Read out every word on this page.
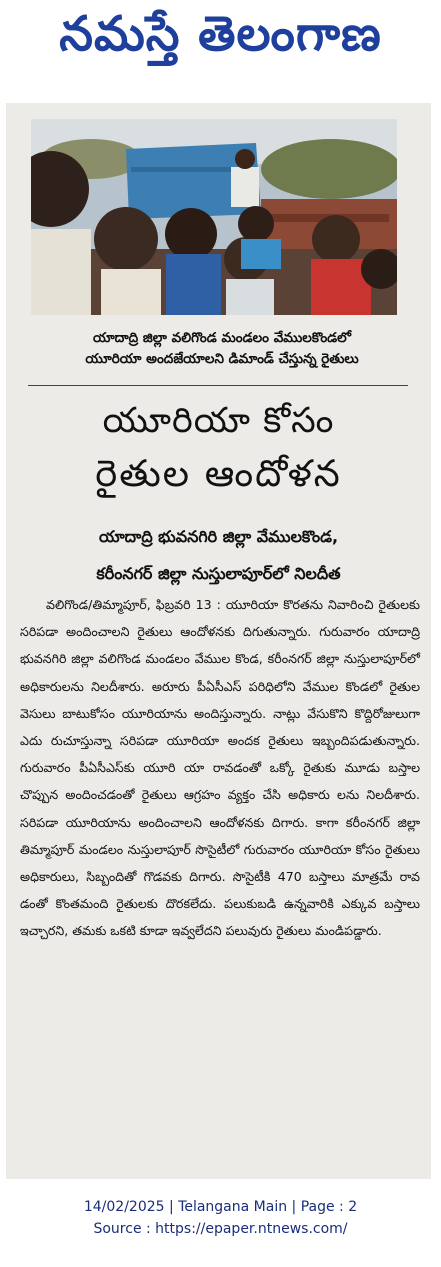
నమస్తే తెలంగాణ
యాదాద్రి జిల్లా వలిగొండ మండలం వేములకొండలో
యూరియా అందజేయాలని డిమాండ్ చేస్తున్న రైతులు
యూరియా కోసం
రైతుల ఆందోళన
యాదాద్రి భువనగిరి జిల్లా వేములకొండ,
కరీంనగర్ జిల్లా నుస్తులాపూర్‌లో నిలదీత
వలిగొండ/తిమ్మాపూర్, ఫిబ్రవరి 13 : యూరియా కొరతను నివారించి రైతులకు సరిపడా అందించాలని రైతులు ఆందోళనకు దిగుతున్నారు. గురువారం యాదాద్రి భువనగిరి జిల్లా వలిగొండ మండలం వేముల కొండ, కరీంనగర్ జిల్లా నుస్తులాపూర్‌లో అధికారులను నిలదీశారు. అరూరు పీఏసీఎస్ పరిధిలోని వేముల కొండలో రైతుల వెసులు బాటుకోసం యూరియాను అందిస్తున్నారు. నాట్లు వేసుకొని కొద్దిరోజులుగా ఎదు రుచూస్తున్నా సరిపడా యూరియా అందక రైతులు ఇబ్బందిపడుతున్నారు. గురువారం పీఏసీఎస్‌కు యూరి యా రావడంతో ఒక్కో రైతుకు మూడు బస్తాల చొప్పున అందించడంతో రైతులు ఆగ్రహం వ్యక్తం చేసి అధికారు లను నిలదీశారు. సరిపడా యూరియాను అందించాలని ఆందోళనకు దిగారు. కాగా కరీంనగర్ జిల్లా తిమ్మాపూర్ మండలం నుస్తులాపూర్ సొసైటీలో గురువారం యూరియా కోసం రైతులు అధికారులు, సిబ్బందితో గొడవకు దిగారు. సొసైటీకి 470 బస్తాలు మాత్రమే రావ డంతో కొంతమంది రైతులకు దొరకలేదు. పలుకుబడి ఉన్నవారికి ఎక్కువ బస్తాలు ఇచ్చారని, తమకు ఒకటి కూడా ఇవ్వలేదని పలువురు రైతులు మండిపడ్డారు.
14/02/2025 | Telangana Main | Page : 2
Source : https://epaper.ntnews.com/
